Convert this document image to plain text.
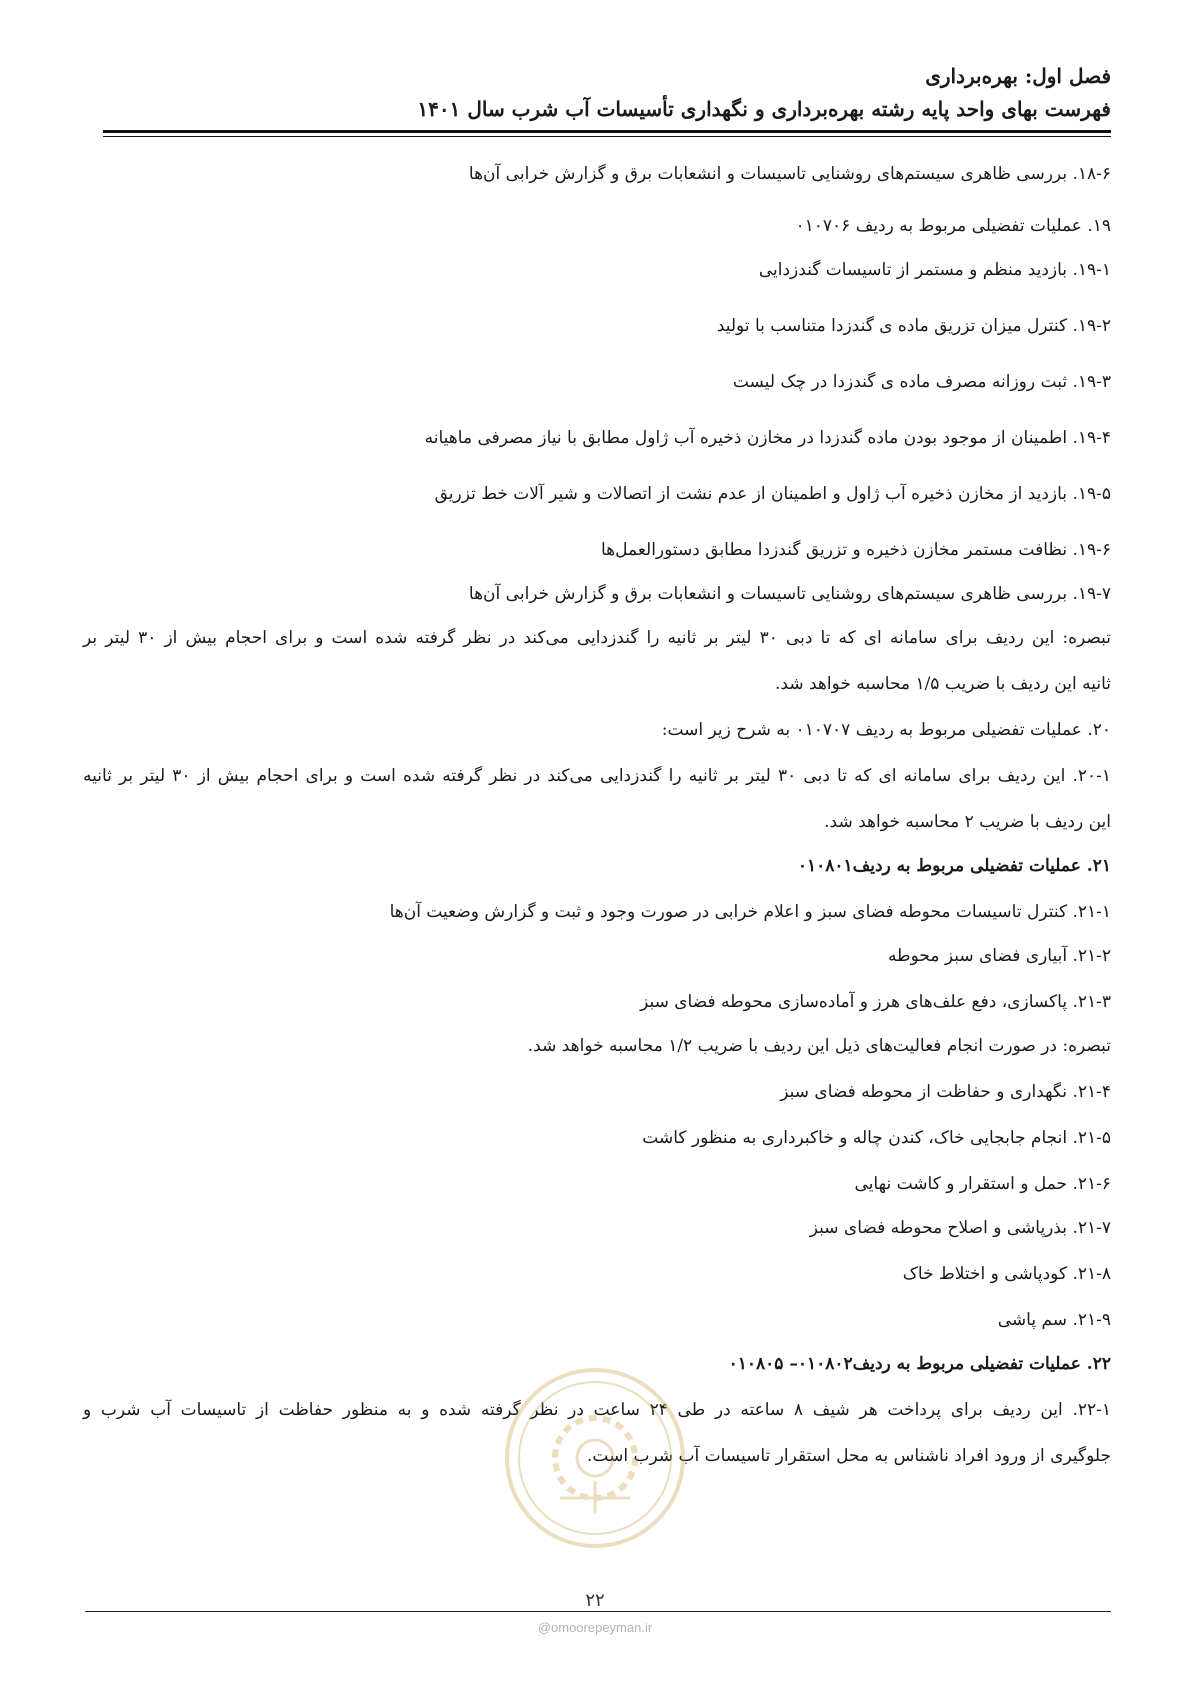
فصل اول: بهره‌برداری
فهرست بهای واحد پایه رشته بهره‌برداری و نگهداری تأسیسات آب شرب سال ۱۴۰۱
۱۸-۶. بررسی ظاهری سیستم‌های روشنایی تاسیسات و انشعابات برق و گزارش خرابی آن‌ها
۱۹. عملیات تفضیلی مربوط به ردیف ۰۱۰۷۰۶
۱۹-۱. بازدید منظم و مستمر از تاسیسات گندزدایی
۱۹-۲. کنترل میزان تزریق ماده ی گندزدا متناسب با تولید
۱۹-۳. ثبت روزانه مصرف ماده ی گندزدا در چک لیست
۱۹-۴. اطمینان از موجود بودن ماده گندزدا در مخازن ذخیره آب ژاول مطابق با نیاز مصرفی ماهیانه
۱۹-۵. بازدید از مخازن ذخیره آب ژاول و اطمینان از عدم نشت از اتصالات و شیر آلات خط تزریق
۱۹-۶. نظافت مستمر مخازن ذخیره و تزریق گندزدا مطابق دستورالعمل‌ها
۱۹-۷. بررسی ظاهری سیستم‌های روشنایی تاسیسات و انشعابات برق و گزارش خرابی آن‌ها
تبصره: این ردیف برای سامانه ای که تا دبی ۳۰ لیتر بر ثانیه را گندزدایی می‌کند در نظر گرفته شده است و برای احجام بیش از ۳۰ لیتر بر
ثانیه این ردیف با ضریب ۱/۵ محاسبه خواهد شد.
۲۰. عملیات تفضیلی مربوط به ردیف ۰۱۰۷۰۷ به شرح زیر است:
۲۰-۱. این ردیف برای سامانه ای که تا دبی ۳۰ لیتر بر ثانیه را گندزدایی می‌کند در نظر گرفته شده است و برای احجام بیش از ۳۰ لیتر بر ثانیه
این ردیف با ضریب ۲ محاسبه خواهد شد.
۲۱. عملیات تفضیلی مربوط به ردیف۰۱۰۸۰۱
۲۱-۱. کنترل تاسیسات محوطه فضای سبز و اعلام خرابی در صورت وجود و ثبت و گزارش وضعیت آن‌ها
۲۱-۲. آبیاری فضای سبز محوطه
۲۱-۳. پاکسازی، دفع علف‌های هرز و آماده‌سازی محوطه فضای سبز
تبصره: در صورت انجام فعالیت‌های ذیل این ردیف با ضریب ۱/۲ محاسبه خواهد شد.
۲۱-۴. نگهداری و حفاظت از محوطه فضای سبز
۲۱-۵. انجام جابجایی خاک، کندن چاله و خاکبرداری به منظور کاشت
۲۱-۶. حمل و استقرار و کاشت نهایی
۲۱-۷. بذرپاشی و اصلاح محوطه فضای سبز
۲۱-۸. کودپاشی و اختلاط خاک
۲۱-۹. سم پاشی
۲۲. عملیات تفضیلی مربوط به ردیف۰۱۰۸۰۲– ۰۱۰۸۰۵
۲۲-۱. این ردیف برای پرداخت هر شیف ۸ ساعته در طی ۲۴ ساعت در نظر گرفته شده و به منظور حفاظت از تاسیسات آب شرب و
جلوگیری از ورود افراد ناشناس به محل استقرار تاسیسات آب شرب است.
۲۲
@omoorepeyman.ir
